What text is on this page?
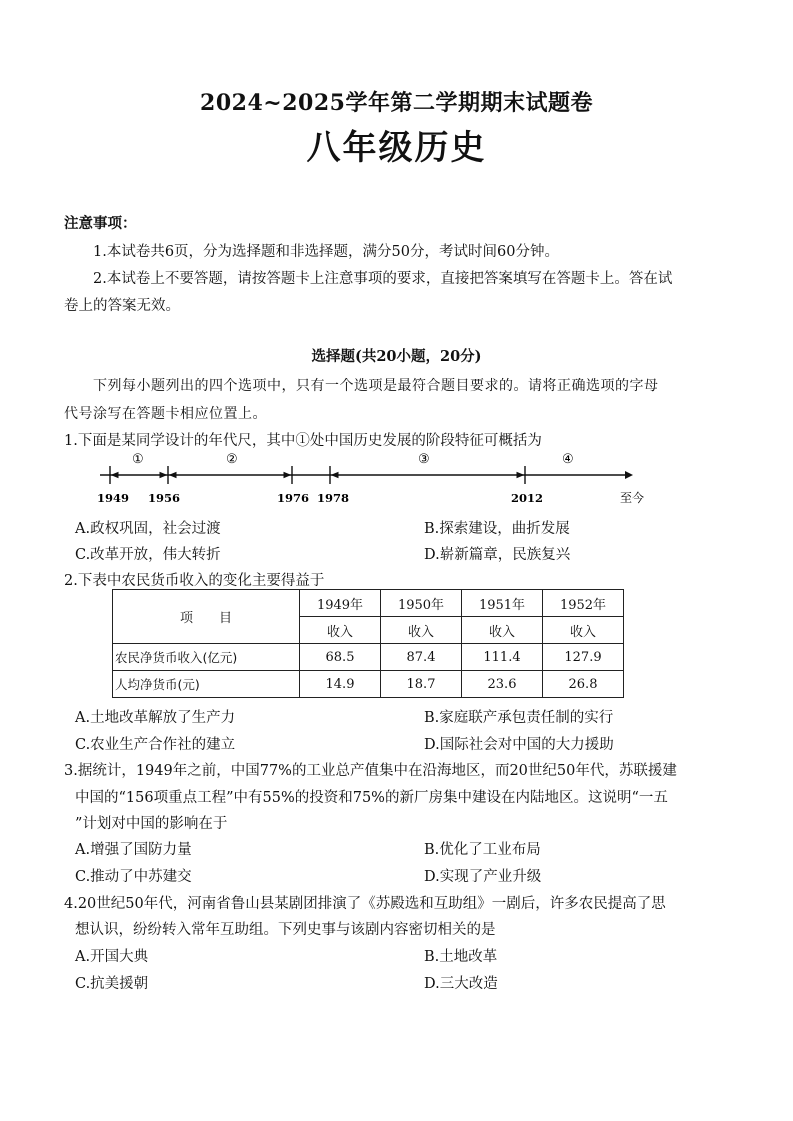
2024~2025学年第二学期期末试题卷
八年级历史
注意事项：
1.本试卷共6页，分为选择题和非选择题，满分50分，考试时间60分钟。
2.本试卷上不要答题，请按答题卡上注意事项的要求，直接把答案填写在答题卡上。答在试
卷上的答案无效。
选择题(共20小题，20分)
下列每小题列出的四个选项中，只有一个选项是最符合题目要求的。请将正确选项的字母
代号涂写在答题卡相应位置上。
1.下面是某同学设计的年代尺，其中①处中国历史发展的阶段特征可概括为
①	②	③	④
1949 1956	1976 1978	2012	至今
A.政权巩固，社会过渡	B.探索建设，曲折发展
C.改革开放，伟大转折	D.崭新篇章，民族复兴
2.下表中农民货币收入的变化主要得益于
项　　目	1949年	1950年	1951年	1952年
	收入	收入	收入	收入
农民净货币收入(亿元)	68.5	87.4	111.4	127.9
人均净货币(元)	14.9	18.7	23.6	26.8
A.土地改革解放了生产力	B.家庭联产承包责任制的实行
C.农业生产合作社的建立	D.国际社会对中国的大力援助
3.据统计，1949年之前，中国77%的工业总产值集中在沿海地区，而20世纪50年代，苏联援建
中国的“156项重点工程”中有55%的投资和75%的新厂房集中建设在内陆地区。这说明“一五
”计划对中国的影响在于
A.增强了国防力量	B.优化了工业布局
C.推动了中苏建交	D.实现了产业升级
4.20世纪50年代，河南省鲁山县某剧团排演了《苏殿选和互助组》一剧后，许多农民提高了思
想认识，纷纷转入常年互助组。下列史事与该剧内容密切相关的是
A.开国大典	B.土地改革
C.抗美援朝	D.三大改造
